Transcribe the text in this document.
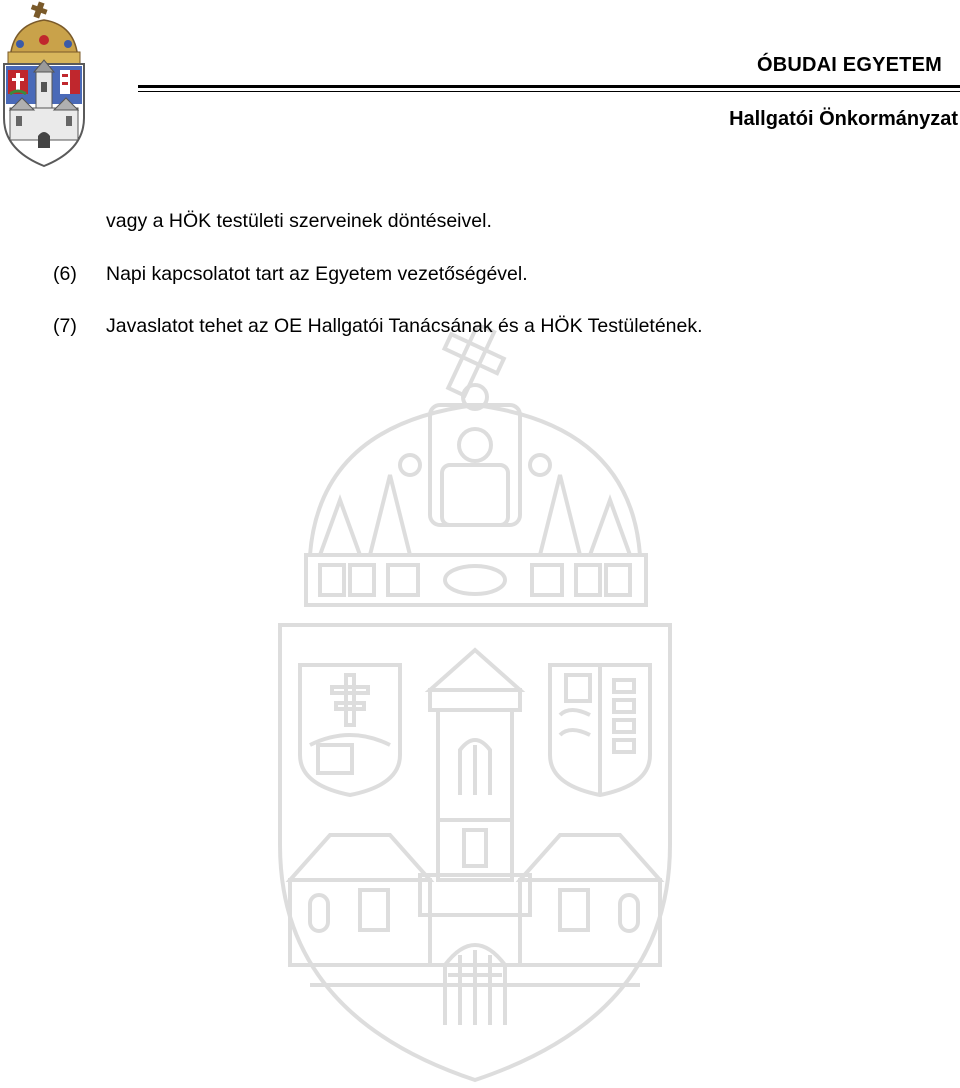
ÓBUDAI EGYETEM
Hallgatói Önkormányzat
vagy a HÖK testületi szerveinek döntéseivel.
(6) Napi kapcsolatot tart az Egyetem vezetőségével.
(7) Javaslatot tehet az OE Hallgatói Tanácsának és a HÖK Testületének.
